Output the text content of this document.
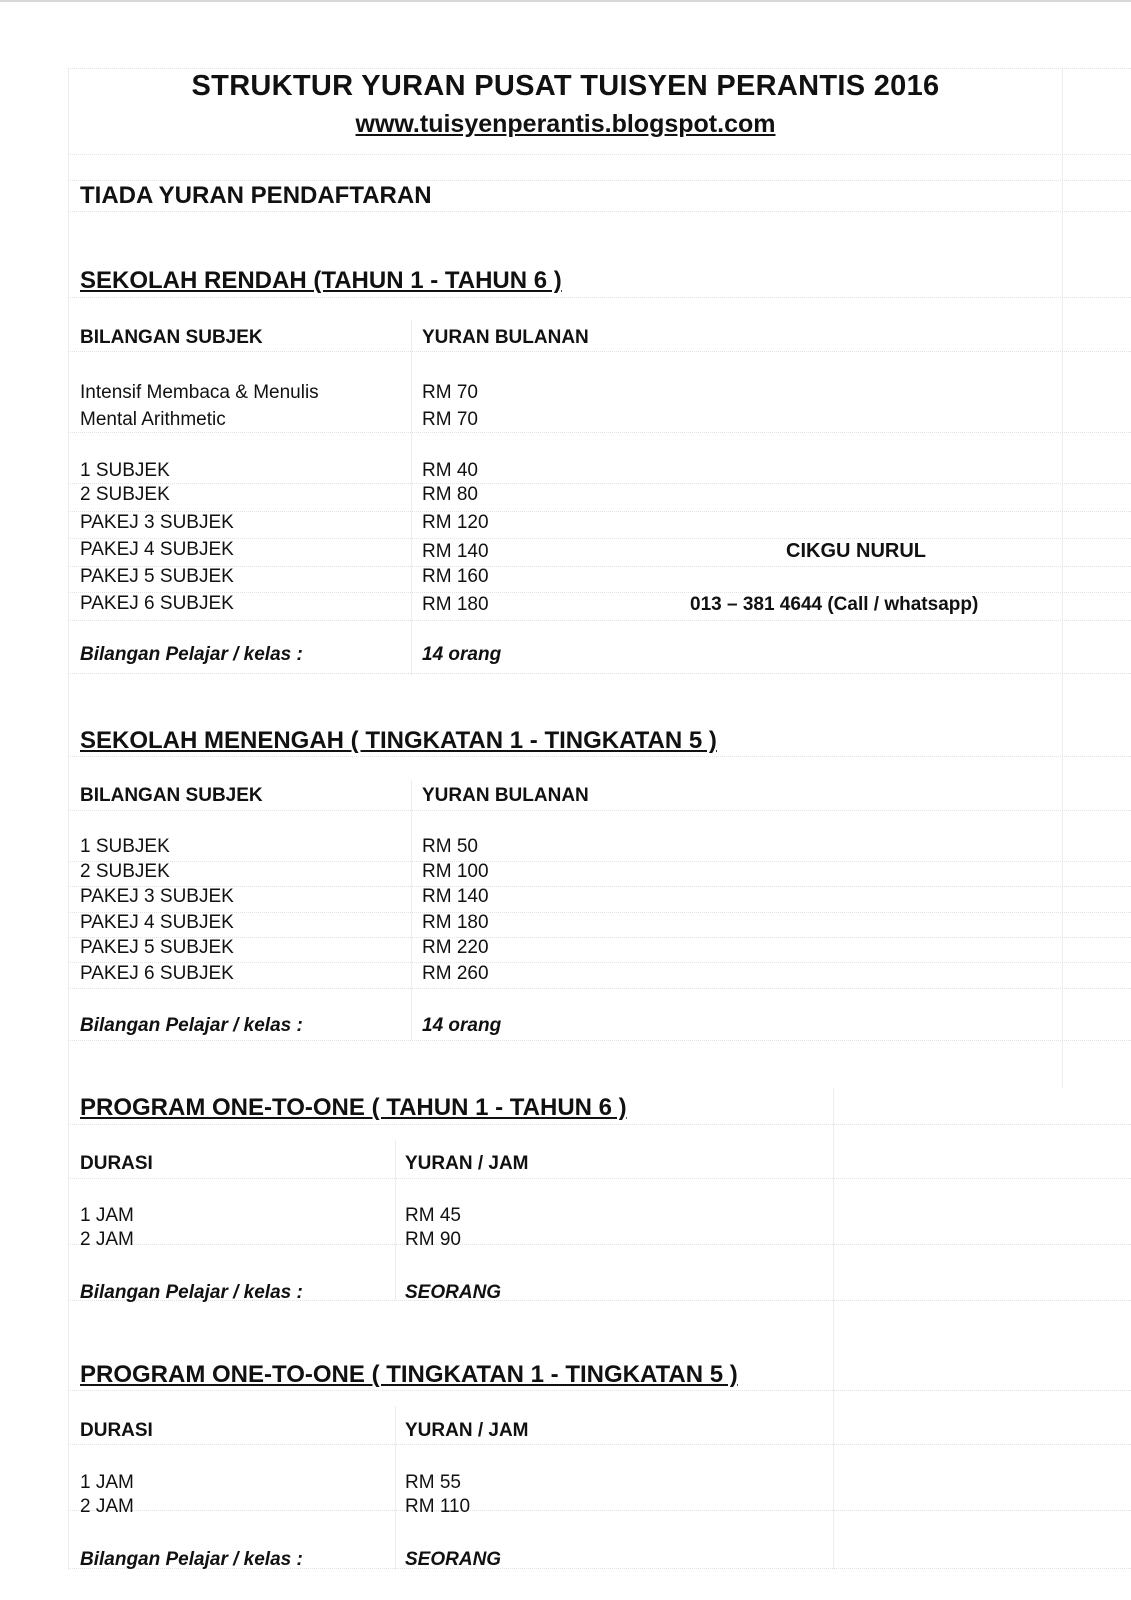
STRUKTUR YURAN PUSAT TUISYEN PERANTIS 2016
www.tuisyenperantis.blogspot.com
TIADA YURAN PENDAFTARAN
SEKOLAH RENDAH (TAHUN 1 - TAHUN 6 )
BILANGAN SUBJEK	YURAN BULANAN
Intensif Membaca & Menulis	RM 70
Mental Arithmetic	RM 70
1 SUBJEK	RM 40
2 SUBJEK	RM 80
PAKEJ 3 SUBJEK	RM 120
PAKEJ 4 SUBJEK	RM 140
PAKEJ 5 SUBJEK	RM 160
PAKEJ 6 SUBJEK	RM 180
Bilangan Pelajar / kelas :	14 orang
CIKGU NURUL
013 – 381 4644 (Call / whatsapp)
SEKOLAH MENENGAH ( TINGKATAN 1 - TINGKATAN 5 )
BILANGAN SUBJEK	YURAN BULANAN
1 SUBJEK	RM 50
2 SUBJEK	RM 100
PAKEJ 3 SUBJEK	RM 140
PAKEJ 4 SUBJEK	RM 180
PAKEJ 5 SUBJEK	RM 220
PAKEJ 6 SUBJEK	RM 260
Bilangan Pelajar / kelas :	14 orang
PROGRAM ONE-TO-ONE ( TAHUN 1 - TAHUN 6 )
DURASI	YURAN / JAM
1 JAM	RM 45
2 JAM	RM 90
Bilangan Pelajar / kelas :	SEORANG
PROGRAM ONE-TO-ONE ( TINGKATAN 1 - TINGKATAN 5 )
DURASI	YURAN / JAM
1 JAM	RM 55
2 JAM	RM 110
Bilangan Pelajar / kelas :	SEORANG
